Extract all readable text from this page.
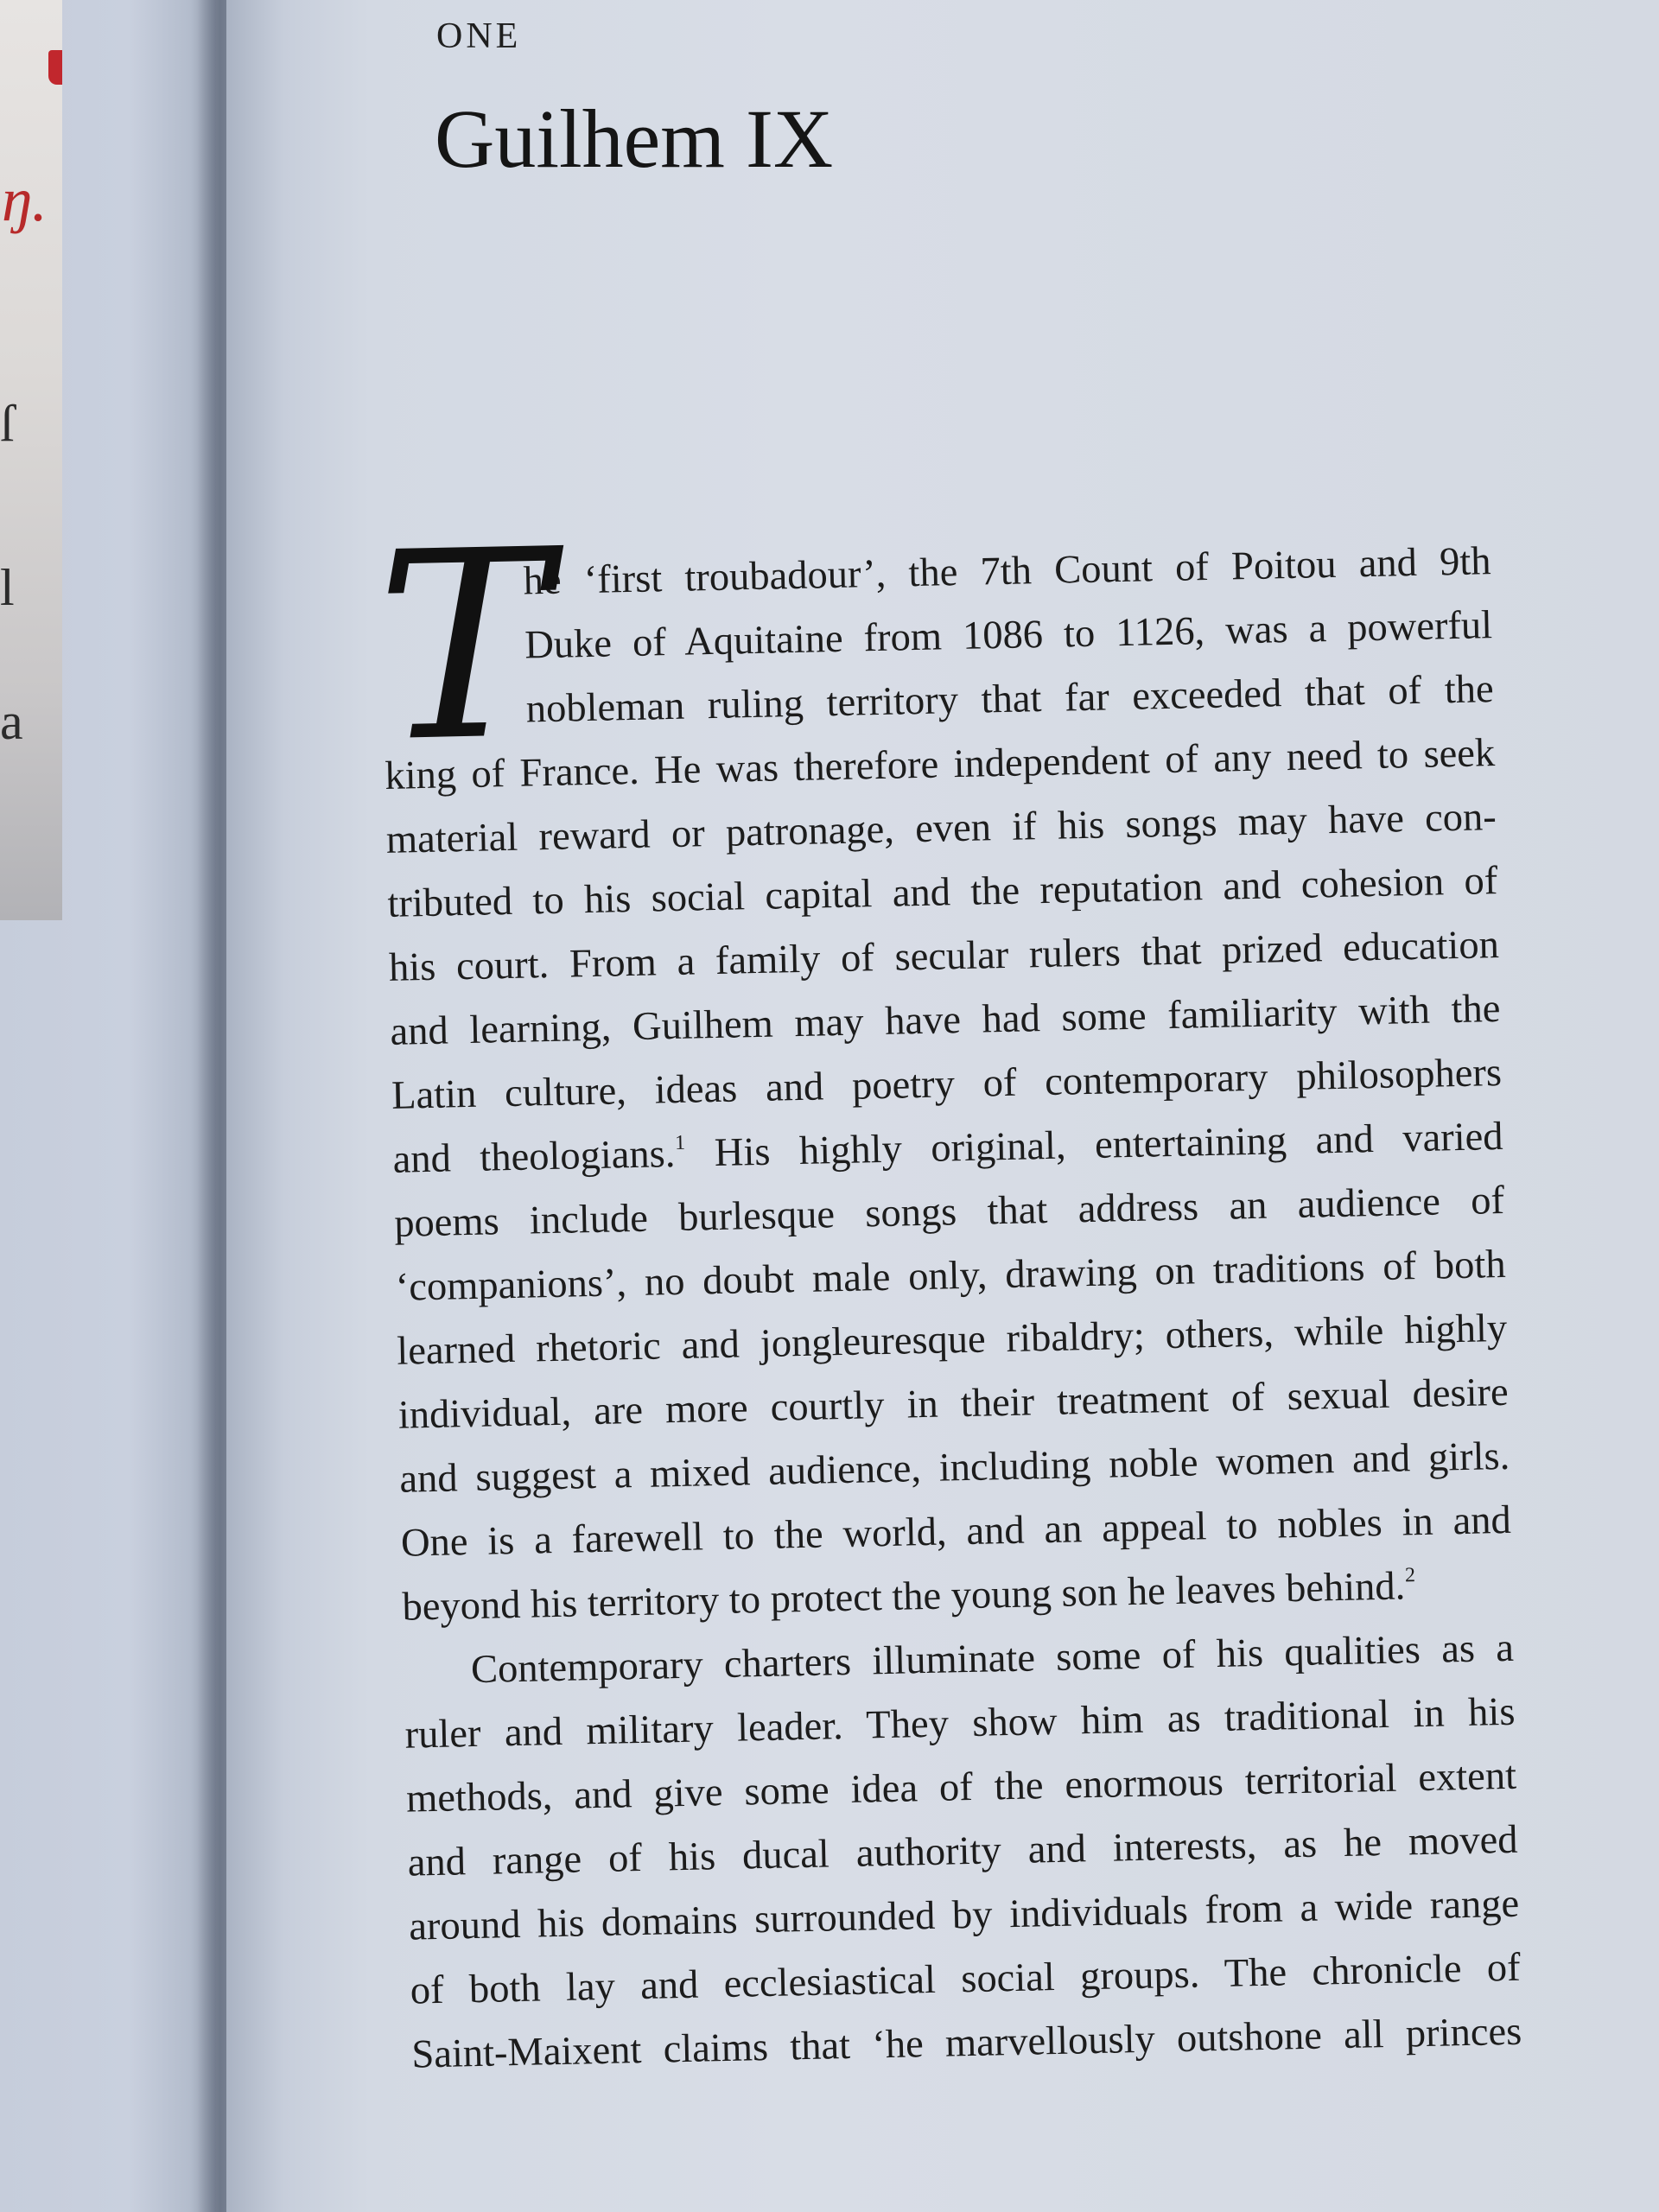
ŋ.
ſ
l
a
ONE
Guilhem IX
T
he ‘first troubadour’, the 7th Count of Poitou and 9th
Duke of Aquitaine from 1086 to 1126, was a powerful
nobleman ruling territory that far exceeded that of the
king of France. He was therefore independent of any need to seek
material reward or patronage, even if his songs may have con-
tributed to his social capital and the reputation and cohesion of
his court. From a family of secular rulers that prized education
and learning, Guilhem may have had some familiarity with the
Latin culture, ideas and poetry of contemporary philosophers
and theologians.$^1$ His highly original, entertaining and varied
poems include burlesque songs that address an audience of
‘companions’, no doubt male only, drawing on traditions of both
learned rhetoric and jongleuresque ribaldry; others, while highly
individual, are more courtly in their treatment of sexual desire
and suggest a mixed audience, including noble women and girls.
One is a farewell to the world, and an appeal to nobles in and
beyond his territory to protect the young son he leaves behind.$^2$
Contemporary charters illuminate some of his qualities as a
ruler and military leader. They show him as traditional in his
methods, and give some idea of the enormous territorial extent
and range of his ducal authority and interests, as he moved
around his domains surrounded by individuals from a wide range
of both lay and ecclesiastical social groups. The chronicle of
Saint-Maixent claims that ‘he marvellously outshone all princes
